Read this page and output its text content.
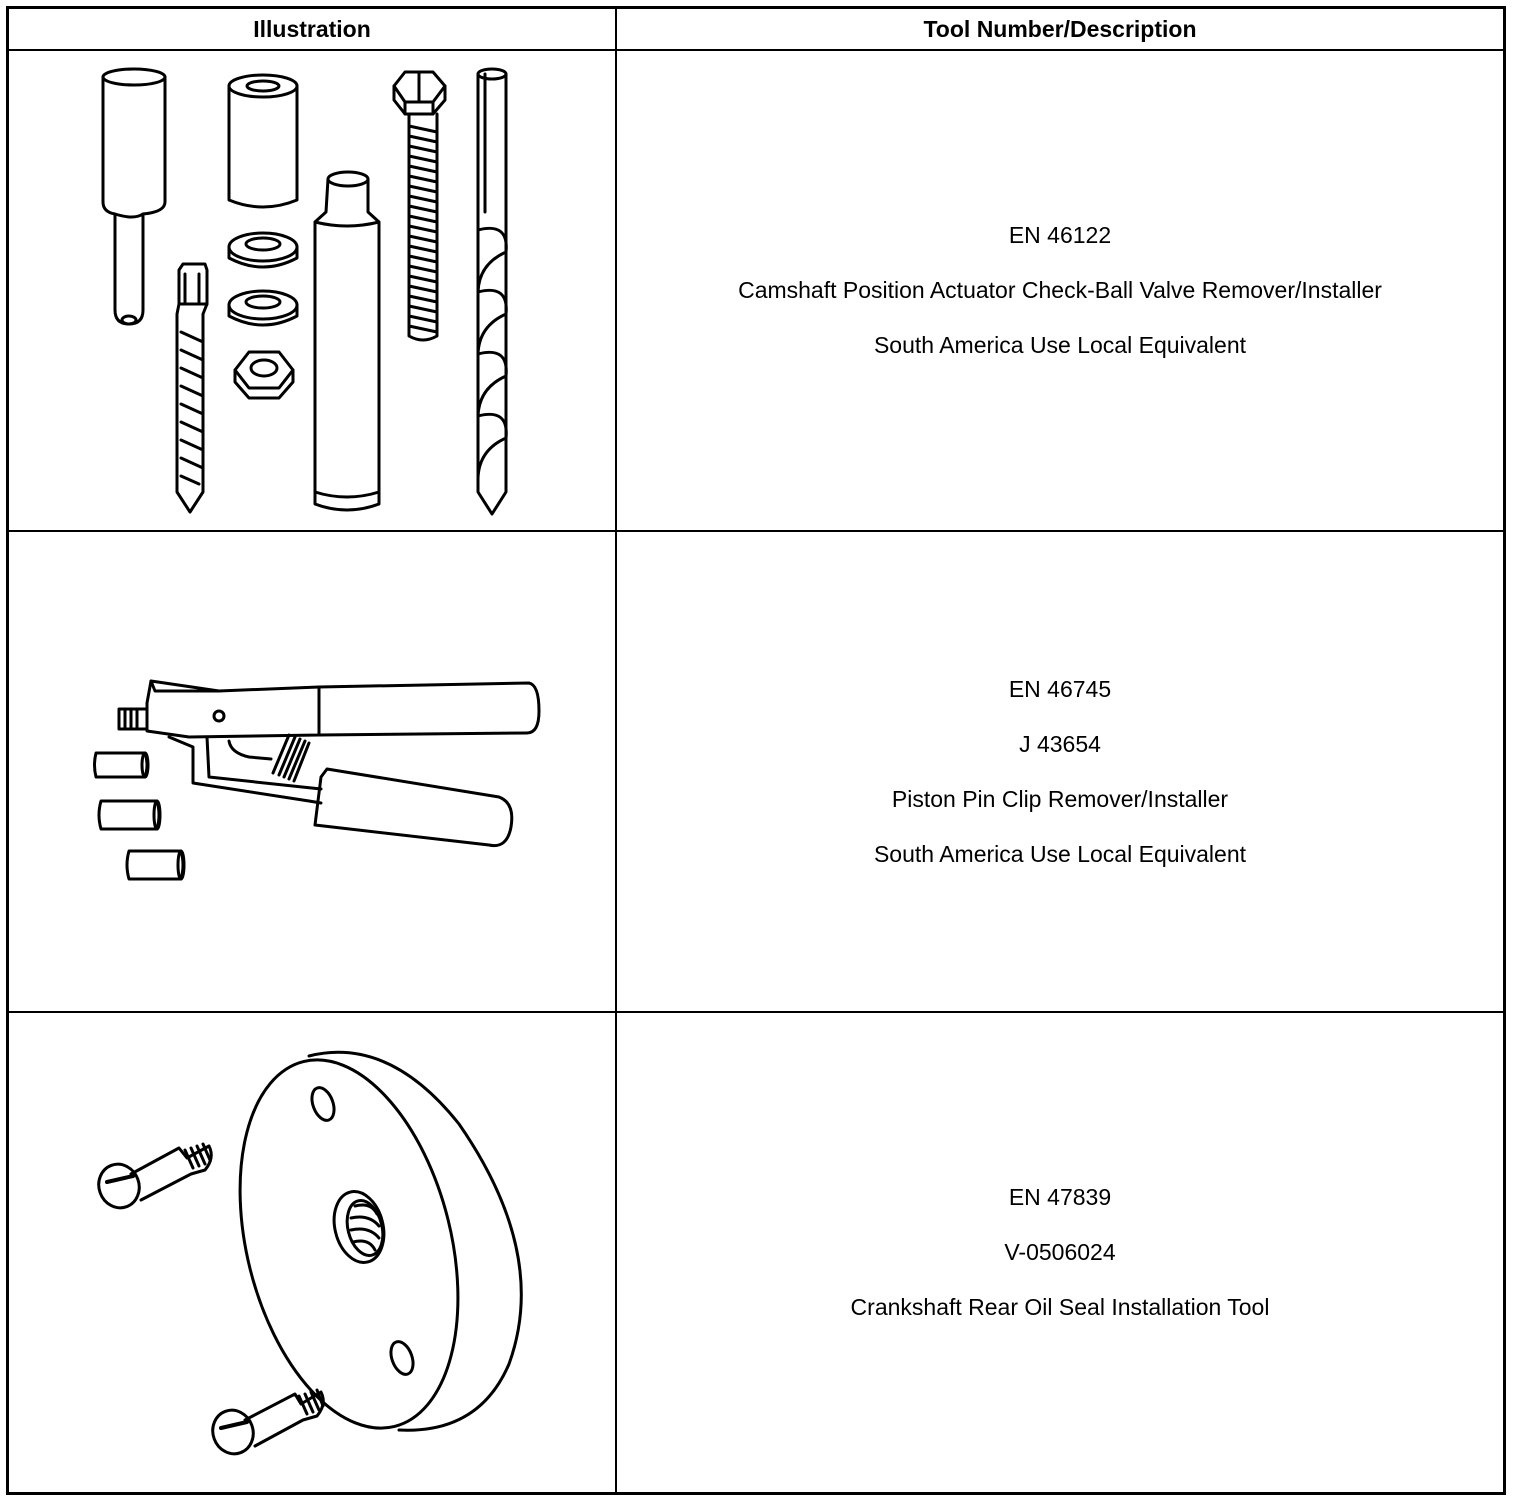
Illustration	Tool Number/Description

EN 46122
Camshaft Position Actuator Check-Ball Valve Remover/Installer
South America Use Local Equivalent

EN 46745
J 43654
Piston Pin Clip Remover/Installer
South America Use Local Equivalent

EN 47839
V-0506024
Crankshaft Rear Oil Seal Installation Tool
